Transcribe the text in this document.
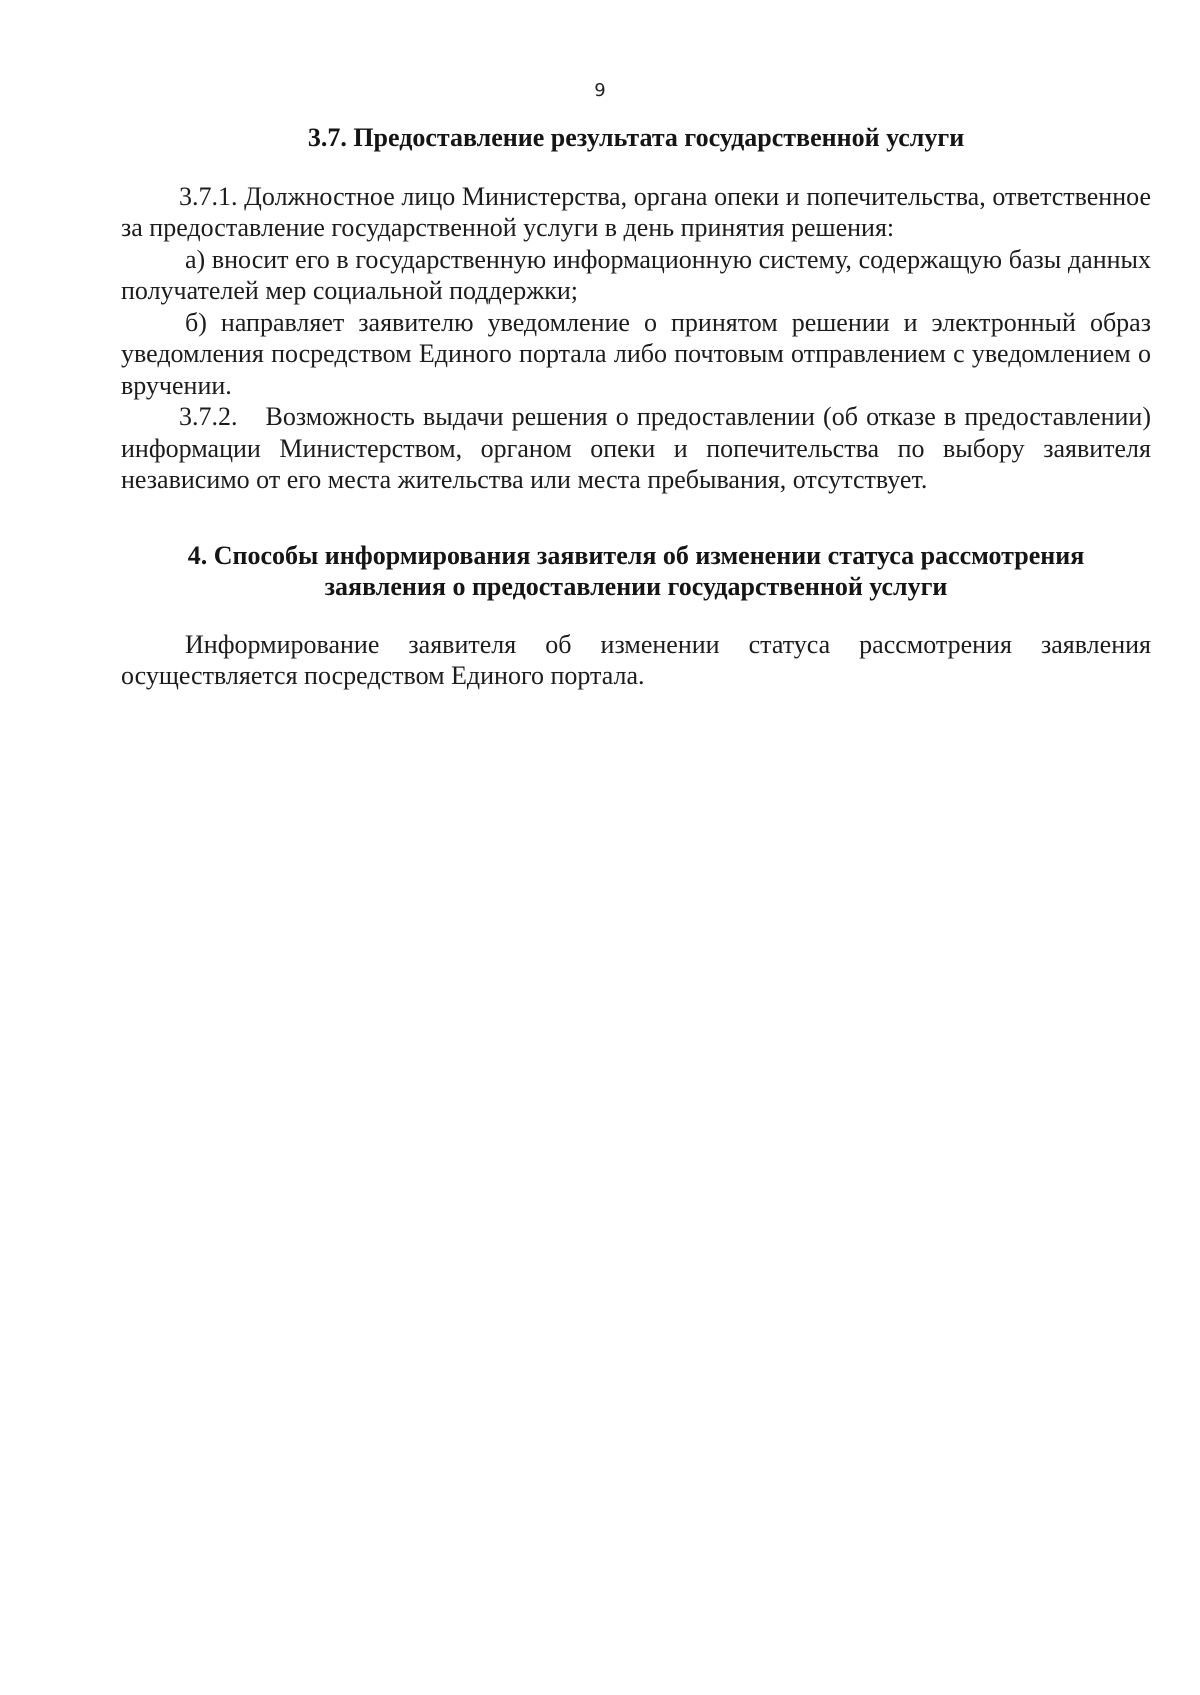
9
3.7. Предоставление результата государственной услуги

3.7.1. Должностное лицо Министерства, органа опеки и попечительства, ответственное за предоставление государственной услуги в день принятия решения:

а) вносит его в государственную информационную систему, содержащую базы данных получателей мер социальной поддержки;

б) направляет заявителю уведомление о принятом решении и электронный образ уведомления посредством Единого портала либо почтовым отправлением с уведомлением о вручении.

3.7.2. Возможность выдачи решения о предоставлении (об отказе в предоставлении) информации Министерством, органом опеки и попечительства по выбору заявителя независимо от его места жительства или места пребывания, отсутствует.

4. Способы информирования заявителя об изменении статуса рассмотрения
заявления о предоставлении государственной услуги

Информирование заявителя об изменении статуса рассмотрения заявления осуществляется посредством Единого портала.
